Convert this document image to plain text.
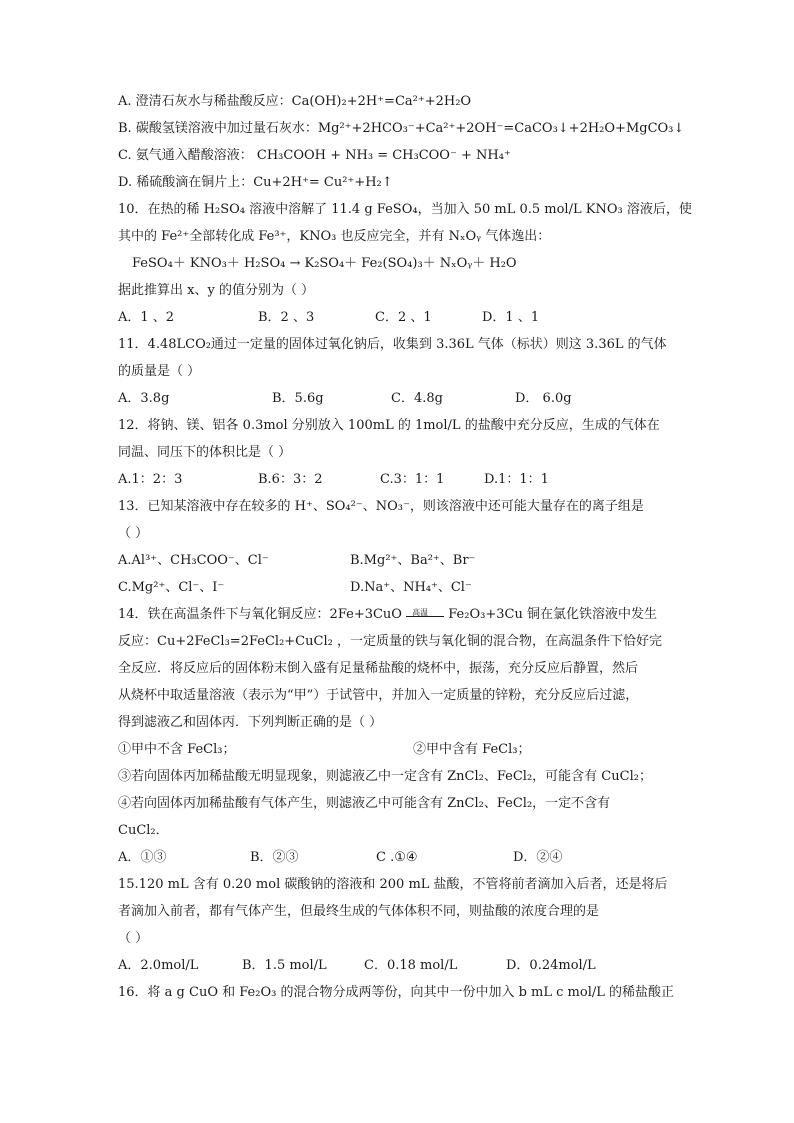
A. 澄清石灰水与稀盐酸反应：Ca(OH)₂+2H⁺=Ca²⁺+2H₂O
B. 碳酸氢镁溶液中加过量石灰水：Mg²⁺+2HCO₃⁻+Ca²⁺+2OH⁻=CaCO₃↓+2H₂O+MgCO₃↓
C. 氨气通入醋酸溶液： CH₃COOH + NH₃ = CH₃COO⁻ + NH₄⁺
D. 稀硫酸滴在铜片上：Cu+2H⁺= Cu²⁺+H₂↑
10．在热的稀 H₂SO₄ 溶液中溶解了 11.4 g FeSO₄，当加入 50 mL 0.5 mol/L KNO₃ 溶液后，使
其中的 Fe²⁺全部转化成 Fe³⁺，KNO₃ 也反应完全，并有 NₓOᵧ 气体逸出：
FeSO₄＋ KNO₃＋ H₂SO₄ → K₂SO₄＋ Fe₂(SO₄)₃＋ NₓOᵧ＋ H₂O
据此推算出 x、y 的值分别为（ ）
A．1 、2	B．2 、3	C．2 、1	D．1 、1
11．4.48LCO₂通过一定量的固体过氧化钠后，收集到 3.36L 气体（标状）则这 3.36L 的气体
的质量是（ ）
A．3.8g	B．5.6g	C．4.8g	D． 6.0g
12．将钠、镁、铝各 0.3mol 分别放入 100mL 的 1mol/L 的盐酸中充分反应，生成的气体在
同温、同压下的体积比是（ ）
A.1：2：3	B.6：3：2	C.3：1：1	D.1：1：1
13．已知某溶液中存在较多的 H⁺、SO₄²⁻、NO₃⁻，则该溶液中还可能大量存在的离子组是
（ ）
A.Al³⁺、CH₃COO⁻、Cl⁻	B.Mg²⁺、Ba²⁺、Br⁻
C.Mg²⁺、Cl⁻、I⁻	D.Na⁺、NH₄⁺、Cl⁻
14．铁在高温条件下与氧化铜反应：2Fe+3CuO 高温 Fe₂O₃+3Cu 铜在氯化铁溶液中发生
反应：Cu+2FeCl₃=2FeCl₂+CuCl₂ ，一定质量的铁与氧化铜的混合物，在高温条件下恰好完
全反应．将反应后的固体粉末倒入盛有足量稀盐酸的烧杯中，振荡，充分反应后静置，然后
从烧杯中取适量溶液（表示为“甲”）于试管中，并加入一定质量的锌粉，充分反应后过滤，
得到滤液乙和固体丙．下列判断正确的是（ ）
①甲中不含 FeCl₃；	②甲中含有 FeCl₃；
③若向固体丙加稀盐酸无明显现象，则滤液乙中一定含有 ZnCl₂、FeCl₂，可能含有 CuCl₂；
④若向固体丙加稀盐酸有气体产生，则滤液乙中可能含有 ZnCl₂、FeCl₂，一定不含有
CuCl₂．
A．①③	B．②③	C .①④	D．②④
15.120 mL 含有 0.20 mol 碳酸钠的溶液和 200 mL 盐酸，不管将前者滴加入后者，还是将后
者滴加入前者，都有气体产生，但最终生成的气体体积不同，则盐酸的浓度合理的是
（ ）
A．2.0mol/L	B．1.5 mol/L	C．0.18 mol/L	D．0.24mol/L
16．将 a g CuO 和 Fe₂O₃ 的混合物分成两等份，向其中一份中加入 b mL c mol/L 的稀盐酸正
